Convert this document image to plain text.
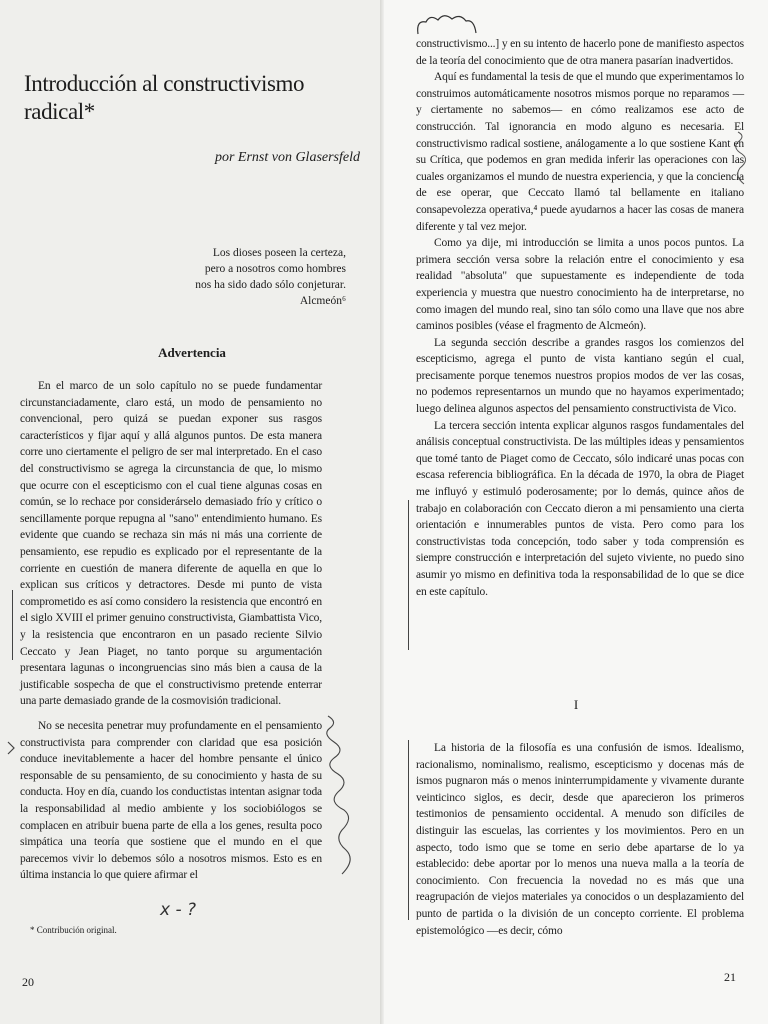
Introducción al constructivismo radical*
por Ernst von Glasersfeld
Los dioses poseen la certeza,
pero a nosotros como hombres
nos ha sido dado sólo conjeturar.
Alcmeón⁶
Advertencia

En el marco de un solo capítulo no se puede fundamentar circunstanciadamente, claro está, un modo de pensamiento no convencional, pero quizá se puedan exponer sus rasgos característicos y fijar aquí y allá algunos puntos. De esta manera corre uno ciertamente el peligro de ser mal interpretado. En el caso del constructivismo se agrega la circunstancia de que, lo mismo que ocurre con el escepticismo con el cual tiene algunas cosas en común, se lo rechace por considerárselo demasiado frío y crítico o sencillamente porque repugna al "sano" entendimiento humano. Es evidente que cuando se rechaza sin más ni más una corriente de pensamiento, ese repudio es explicado por el representante de la corriente en cuestión de manera diferente de aquella en que lo explican sus críticos y detractores. Desde mi punto de vista comprometido es así como considero la resistencia que encontró en el siglo XVIII el primer genuino constructivista, Giambattista Vico, y la resistencia que encontraron en un pasado reciente Silvio Ceccato y Jean Piaget, no tanto porque su argumentación presentara lagunas o incongruencias sino más bien a causa de la justificable sospecha de que el constructivismo pretende enterrar una parte demasiado grande de la cosmovisión tradicional.

No se necesita penetrar muy profundamente en el pensamiento constructivista para comprender con claridad que esa posición conduce inevitablemente a hacer del hombre pensante el único responsable de su pensamiento, de su conocimiento y hasta de su conducta. Hoy en día, cuando los conductistas intentan asignar toda la responsabilidad al medio ambiente y los sociobiólogos se complacen en atribuir buena parte de ella a los genes, resulta poco simpática una teoría que sostiene que el mundo en el que parecemos vivir lo debemos sólo a nosotros mismos. Esto es en última instancia lo que quiere afirmar el

x - ?
* Contribución original.
20

constructivismo...] y en su intento de hacerlo pone de manifiesto aspectos de la teoría del conocimiento que de otra manera pasarían inadvertidos.

Aquí es fundamental la tesis de que el mundo que experimentamos lo construimos automáticamente nosotros mismos porque no reparamos —y ciertamente no sabemos— en cómo realizamos ese acto de construcción. Tal ignorancia en modo alguno es necesaria. El constructivismo radical sostiene, análogamente a lo que sostiene Kant en su Crítica, que podemos en gran medida inferir las operaciones con las cuales organizamos el mundo de nuestra experiencia, y que la conciencia de ese operar, que Ceccato llamó tal bellamente en italiano consapevolezza operativa,⁴ puede ayudarnos a hacer las cosas de manera diferente y tal vez mejor.

Como ya dije, mi introducción se limita a unos pocos puntos. La primera sección versa sobre la relación entre el conocimiento y esa realidad "absoluta" que supuestamente es independiente de toda experiencia y muestra que nuestro conocimiento ha de interpretarse, no como imagen del mundo real, sino tan sólo como una llave que nos abre caminos posibles (véase el fragmento de Alcmeón).

La segunda sección describe a grandes rasgos los comienzos del escepticismo, agrega el punto de vista kantiano según el cual, precisamente porque tenemos nuestros propios modos de ver las cosas, no podemos representarnos un mundo que no hayamos experimentado; luego delinea algunos aspectos del pensamiento constructivista de Vico.

La tercera sección intenta explicar algunos rasgos fundamentales del análisis conceptual constructivista. De las múltiples ideas y pensamientos que tomé tanto de Piaget como de Ceccato, sólo indicaré unas pocas con escasa referencia bibliográfica. En la década de 1970, la obra de Piaget me influyó y estimuló poderosamente; por lo demás, quince años de trabajo en colaboración con Ceccato dieron a mi pensamiento una cierta orientación e innumerables puntos de vista. Pero como para los constructivistas toda concepción, todo saber y toda comprensión es siempre construcción e interpretación del sujeto viviente, no puedo sino asumir yo mismo en definitiva toda la responsabilidad de lo que se dice en este capítulo.

I

La historia de la filosofía es una confusión de ismos. Idealismo, racionalismo, nominalismo, realismo, escepticismo y docenas más de ismos pugnaron más o menos ininterrumpidamente y vivamente durante veinticinco siglos, es decir, desde que aparecieron los primeros testimonios de pensamiento occidental. A menudo son difíciles de distinguir las escuelas, las corrientes y los movimientos. Pero en un aspecto, todo ismo que se tome en serio debe apartarse de lo ya establecido: debe aportar por lo menos una nueva malla a la teoría de conocimiento. Con frecuencia la novedad no es más que una reagrupación de viejos materiales ya conocidos o un desplazamiento del punto de partida o la división de un concepto corriente. El problema epistemológico —es decir, cómo

21
